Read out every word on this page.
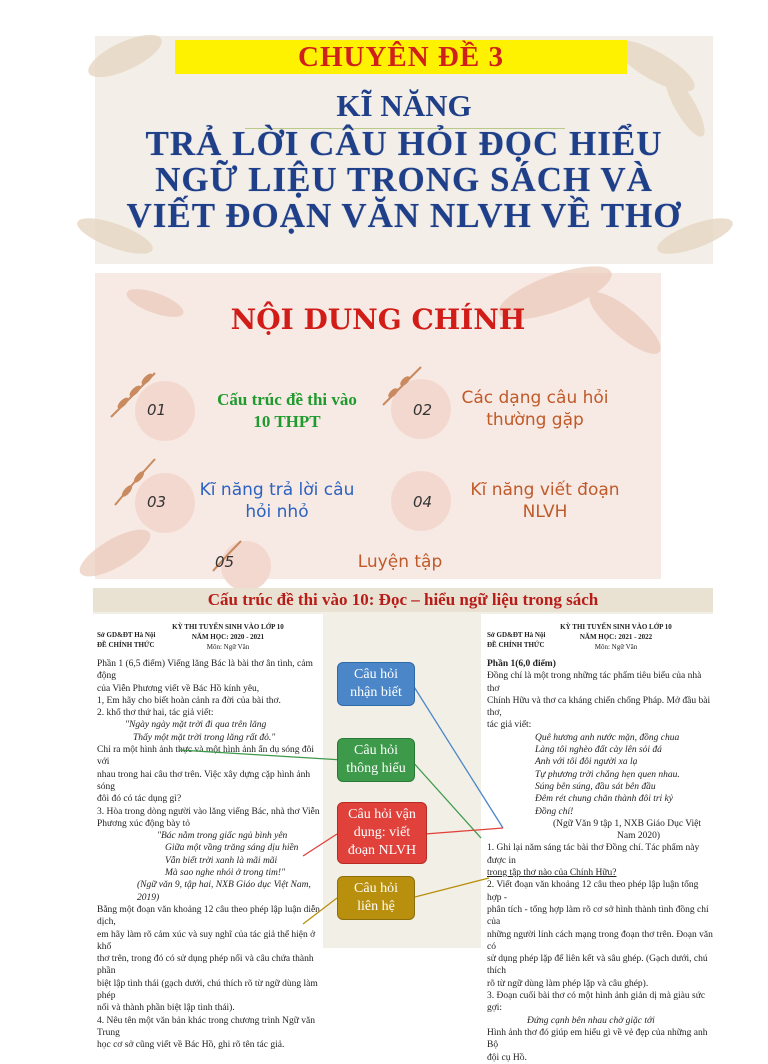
CHUYÊN ĐỀ 3
KĨ NĂNG
TRẢ LỜI CÂU HỎI ĐỌC HIỂU
NGỮ LIỆU TRONG SÁCH VÀ
VIẾT ĐOẠN VĂN NLVH VỀ THƠ
NỘI DUNG CHÍNH
01
Cấu trúc đề thi vào
10 THPT
02
Các dạng câu hỏi
thường gặp
03
Kĩ năng trả lời câu
hỏi nhỏ	04
Kĩ năng viết đoạn
NLVH
05	Luyện tập
Cấu trúc đề thi vào 10: Đọc – hiểu ngữ liệu trong sách
Sở GD&ĐT Hà Nội
ĐỀ CHÍNH THỨC
KỲ THI TUYỂN SINH VÀO LỚP 10
NĂM HỌC: 2020 - 2021
Môn: Ngữ Văn
Phần 1 (6,5 điểm) Viếng lăng Bác là bài thơ ân tình, cảm động
của Viễn Phương viết về Bác Hồ kính yêu,
1, Em hãy cho biết hoàn cảnh ra đời của bài thơ.
2. khổ thơ thứ hai, tác giả viết:
"Ngày ngày mặt trời đi qua trên lăng
Thấy một mặt trời trong lăng rất đỏ."
Chỉ ra một hình ảnh thực và một hình ảnh ẩn dụ sóng đôi với
nhau trong hai câu thơ trên. Việc xây dựng cặp hình ảnh sóng
đôi đó có tác dụng gì?
3. Hòa trong dòng người vào lăng viếng Bác, nhà thơ Viễn
Phương xúc động bày tỏ
"Bác nằm trong giấc ngủ bình yên
Giữa một vầng trăng sáng dịu hiền
Vẫn biết trời xanh là mãi mãi
Mà sao nghe nhói ở trong tim!"
(Ngữ văn 9, tập hai, NXB Giáo dục Việt Nam, 2019)
Bằng một đoạn văn khoảng 12 câu theo phép lập luận diễn dịch,
em hãy làm rõ cảm xúc và suy nghĩ của tác giả thể hiện ở khổ
thơ trên, trong đó có sử dụng phép nối và câu chứa thành phần
biệt lập tình thái (gạch dưới, chú thích rõ từ ngữ dùng làm phép
nối và thành phần biệt lập tình thái).
4. Nêu tên một văn bản khác trong chương trình Ngữ văn Trung
học cơ sở cũng viết về Bác Hồ, ghi rõ tên tác giả.
Sở GD&ĐT Hà Nội
ĐỀ CHÍNH THỨC
KỲ THI TUYỂN SINH VÀO LỚP 10
NĂM HỌC: 2021 - 2022
Môn: Ngữ Văn
Phần 1(6,0 điểm)
Đồng chí là một trong những tác phẩm tiêu biểu của nhà thơ
Chính Hữu và thơ ca kháng chiến chống Pháp. Mở đầu bài thơ,
tác giả viết:
Quê hương anh nước mặn, đồng chua
Làng tôi nghèo đất cày lên sỏi đá
Anh với tôi đôi người xa lạ
Tự phương trời chẳng hẹn quen nhau.
Súng bên súng, đầu sát bên đầu
Đêm rét chung chăn thành đôi tri kỷ
Đồng chí!
(Ngữ Văn 9 tập 1, NXB Giáo Dục Việt
Nam 2020)
1. Ghi lại năm sáng tác bài thơ Đồng chí. Tác phẩm này được in
trong tập thơ nào của Chính Hữu?
2. Viết đoạn văn khoảng 12 câu theo phép lập luận tổng hợp -
phân tích - tổng hợp làm rõ cơ sở hình thành tình đồng chí của
những người lính cách mạng trong đoạn thơ trên. Đoạn văn có
sử dụng phép lặp để liên kết và sâu ghép. (Gạch dưới, chú thích
rõ từ ngữ dùng làm phép lặp và câu ghép).
3. Đoạn cuối bài thơ có một hình ảnh giản dị mà giàu sức gợi:
Đứng cạnh bên nhau chờ giặc tới
Hình ảnh thơ đó giúp em hiểu gì về vẻ đẹp của những anh Bộ
đội cụ Hồ.
Câu hỏi
nhận biết
Câu hỏi
thông hiểu
Câu hỏi vận
dụng: viết
đoạn NLVH
Câu hỏi
liên hệ
